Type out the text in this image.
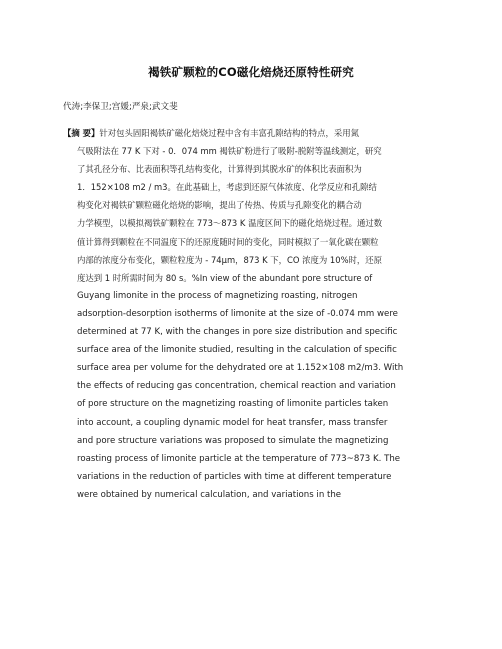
褐铁矿颗粒的CO磁化焙烧还原特性研究
代涛;李保卫;宫媛;严泉;武文斐
【摘 要】针对包头固阳褐铁矿磁化焙烧过程中含有丰富孔隙结构的特点，采用氮
气吸附法在 77 K 下对 - 0．074 mm 褐铁矿粉进行了吸附-脱附等温线测定，研究
了其孔径分布、比表面积等孔结构变化，计算得到其脱水矿的体积比表面积为
1．152×108 m2 / m3。在此基础上，考虑到还原气体浓度、化学反应和孔隙结
构变化对褐铁矿颗粒磁化焙烧的影响，提出了传热、传质与孔隙变化的耦合动
力学模型，以模拟褐铁矿颗粒在 773～873 K 温度区间下的磁化焙烧过程。通过数
值计算得到颗粒在不同温度下的还原度随时间的变化，同时模拟了一氧化碳在颗粒
内部的浓度分布变化，颗粒粒度为 - 74μm，873 K 下，CO 浓度为 10%时，还原
度达到 1 时所需时间为 80 s。%In view of the abundant pore structure of
Guyang limonite in the process of magnetizing roasting, nitrogen
adsorption-desorption isotherms of limonite at the size of -0.074 mm were
determined at 77 K, with the changes in pore size distribution and specific
surface area of the limonite studied, resulting in the calculation of specific
surface area per volume for the dehydrated ore at 1.152×108 m2/m3. With
the effects of reducing gas concentration, chemical reaction and variation
of pore structure on the magnetizing roasting of limonite particles taken
into account, a coupling dynamic model for heat transfer, mass transfer
and pore structure variations was proposed to simulate the magnetizing
roasting process of limonite particle at the temperature of 773~873 K. The
variations in the reduction of particles with time at different temperature
were obtained by numerical calculation, and variations in the
